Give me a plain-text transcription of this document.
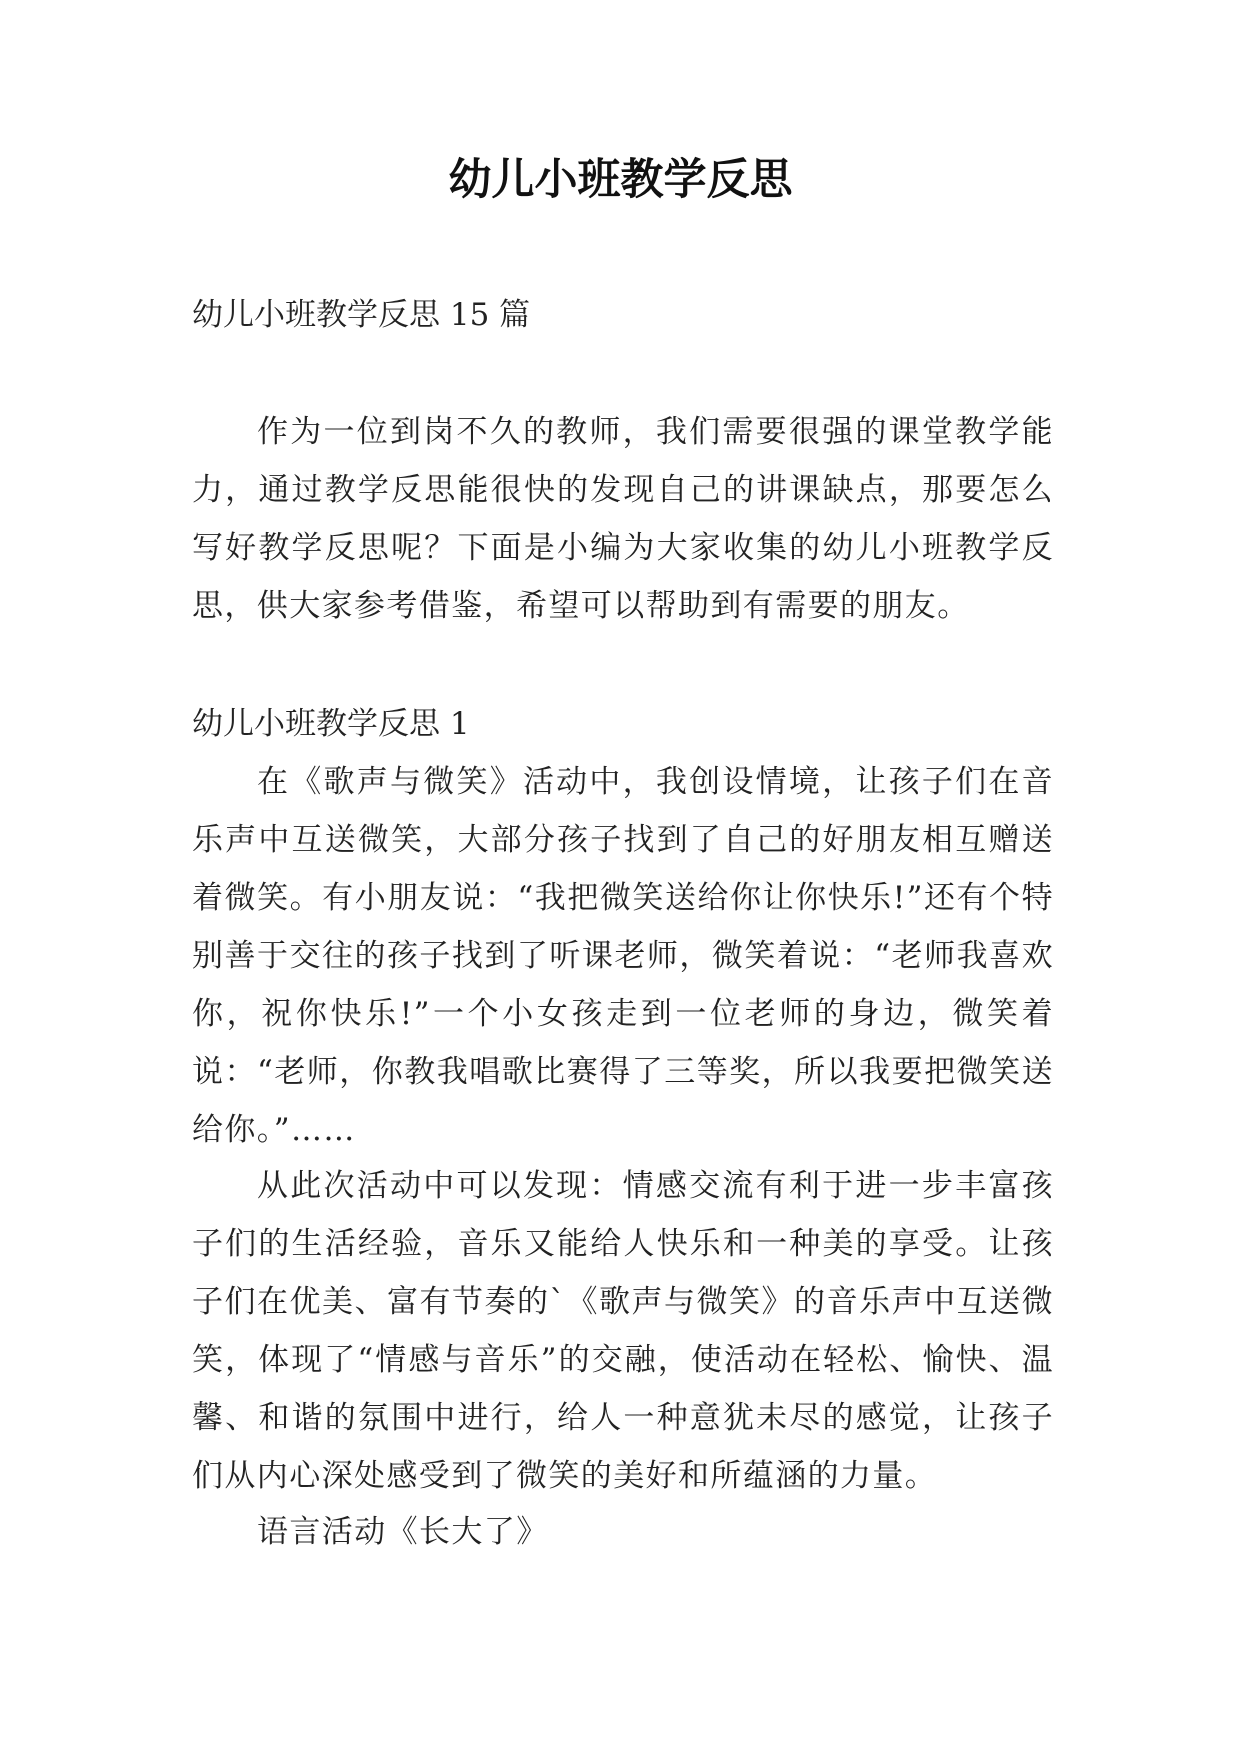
幼儿小班教学反思

幼儿小班教学反思 15 篇

作为一位到岗不久的教师，我们需要很强的课堂教学能力，通过教学反思能很快的发现自己的讲课缺点，那要怎么写好教学反思呢？下面是小编为大家收集的幼儿小班教学反思，供大家参考借鉴，希望可以帮助到有需要的朋友。

幼儿小班教学反思 1

在《歌声与微笑》活动中，我创设情境，让孩子们在音乐声中互送微笑，大部分孩子找到了自己的好朋友相互赠送着微笑。有小朋友说：“我把微笑送给你让你快乐!”还有个特别善于交往的孩子找到了听课老师，微笑着说：“老师我喜欢你，祝你快乐!”一个小女孩走到一位老师的身边，微笑着说：“老师，你教我唱歌比赛得了三等奖，所以我要把微笑送给你。”……

从此次活动中可以发现：情感交流有利于进一步丰富孩子们的生活经验，音乐又能给人快乐和一种美的享受。让孩子们在优美、富有节奏的`《歌声与微笑》的音乐声中互送微笑，体现了“情感与音乐”的交融，使活动在轻松、愉快、温馨、和谐的氛围中进行，给人一种意犹未尽的感觉，让孩子们从内心深处感受到了微笑的美好和所蕴涵的力量。

语言活动《长大了》
